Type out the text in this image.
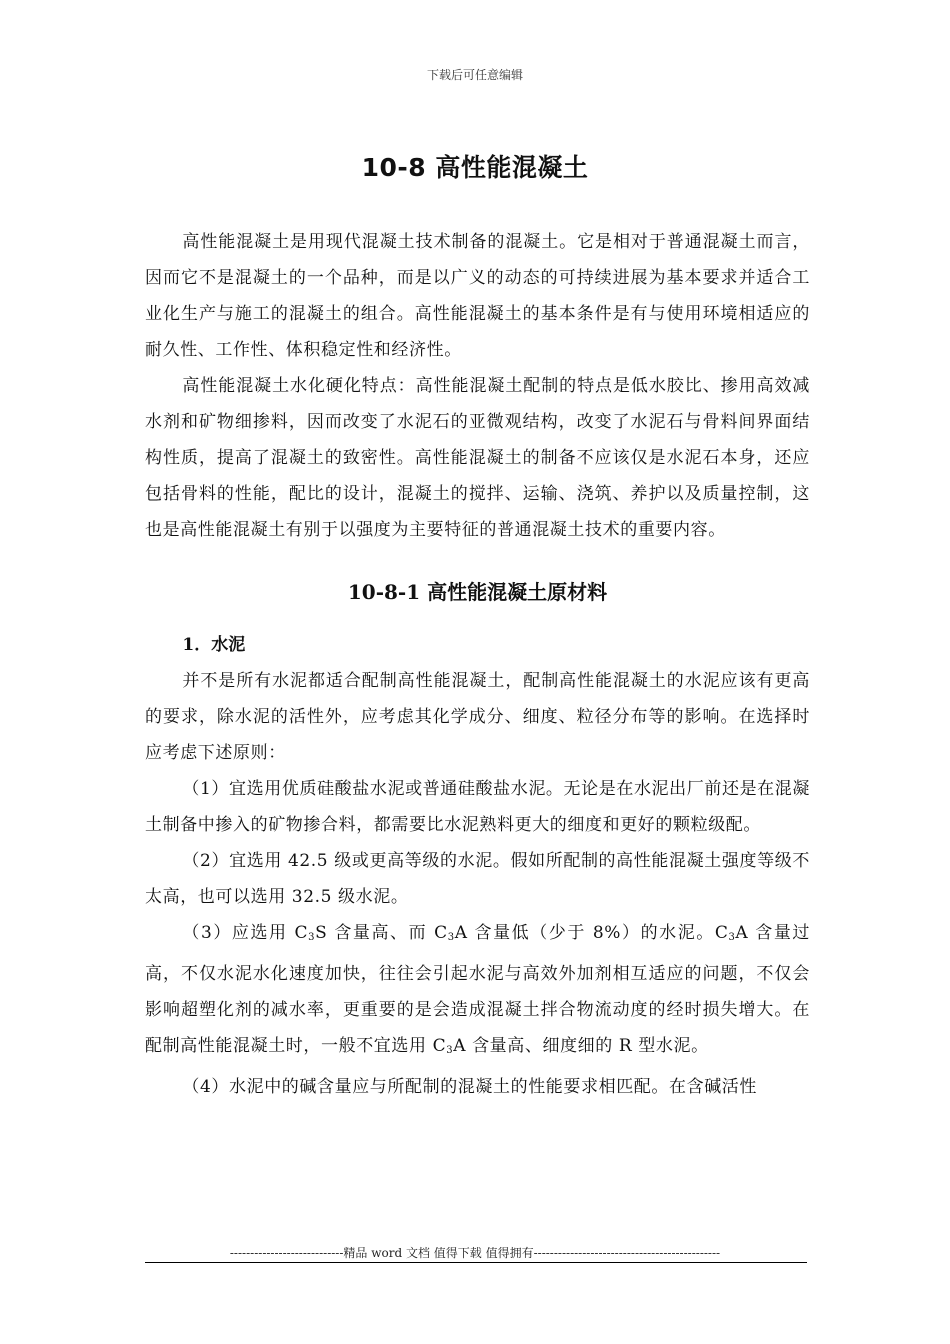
下载后可任意编辑
10-8 高性能混凝土

高性能混凝土是用现代混凝土技术制备的混凝土。它是相对于普通混凝土而言，因而它不是混凝土的一个品种，而是以广义的动态的可持续进展为基本要求并适合工业化生产与施工的混凝土的组合。高性能混凝土的基本条件是有与使用环境相适应的耐久性、工作性、体积稳定性和经济性。

高性能混凝土水化硬化特点：高性能混凝土配制的特点是低水胶比、掺用高效减水剂和矿物细掺料，因而改变了水泥石的亚微观结构，改变了水泥石与骨料间界面结构性质，提高了混凝土的致密性。高性能混凝土的制备不应该仅是水泥石本身，还应包括骨料的性能，配比的设计，混凝土的搅拌、运输、浇筑、养护以及质量控制，这也是高性能混凝土有别于以强度为主要特征的普通混凝土技术的重要内容。

10-8-1 高性能混凝土原材料
1．水泥

并不是所有水泥都适合配制高性能混凝土，配制高性能混凝土的水泥应该有更高的要求，除水泥的活性外，应考虑其化学成分、细度、粒径分布等的影响。在选择时应考虑下述原则：

（1）宜选用优质硅酸盐水泥或普通硅酸盐水泥。无论是在水泥出厂前还是在混凝土制备中掺入的矿物掺合料，都需要比水泥熟料更大的细度和更好的颗粒级配。

（2）宜选用 42.5 级或更高等级的水泥。假如所配制的高性能混凝土强度等级不太高，也可以选用 32.5 级水泥。

（3）应选用 $C_3S$ 含量高、而 $C_3A$ 含量低（少于 8%）的水泥。$C_3A$ 含量过高，不仅水泥水化速度加快，往往会引起水泥与高效外加剂相互适应的问题，不仅会影响超塑化剂的减水率，更重要的是会造成混凝土拌合物流动度的经时损失增大。在配制高性能混凝土时，一般不宜选用 $C_3A$ 含量高、细度细的 R 型水泥。

（4）水泥中的碱含量应与所配制的混凝土的性能要求相匹配。在含碱活性

----------------------------精品 word 文档 值得下载 值得拥有----------------------------------------------
